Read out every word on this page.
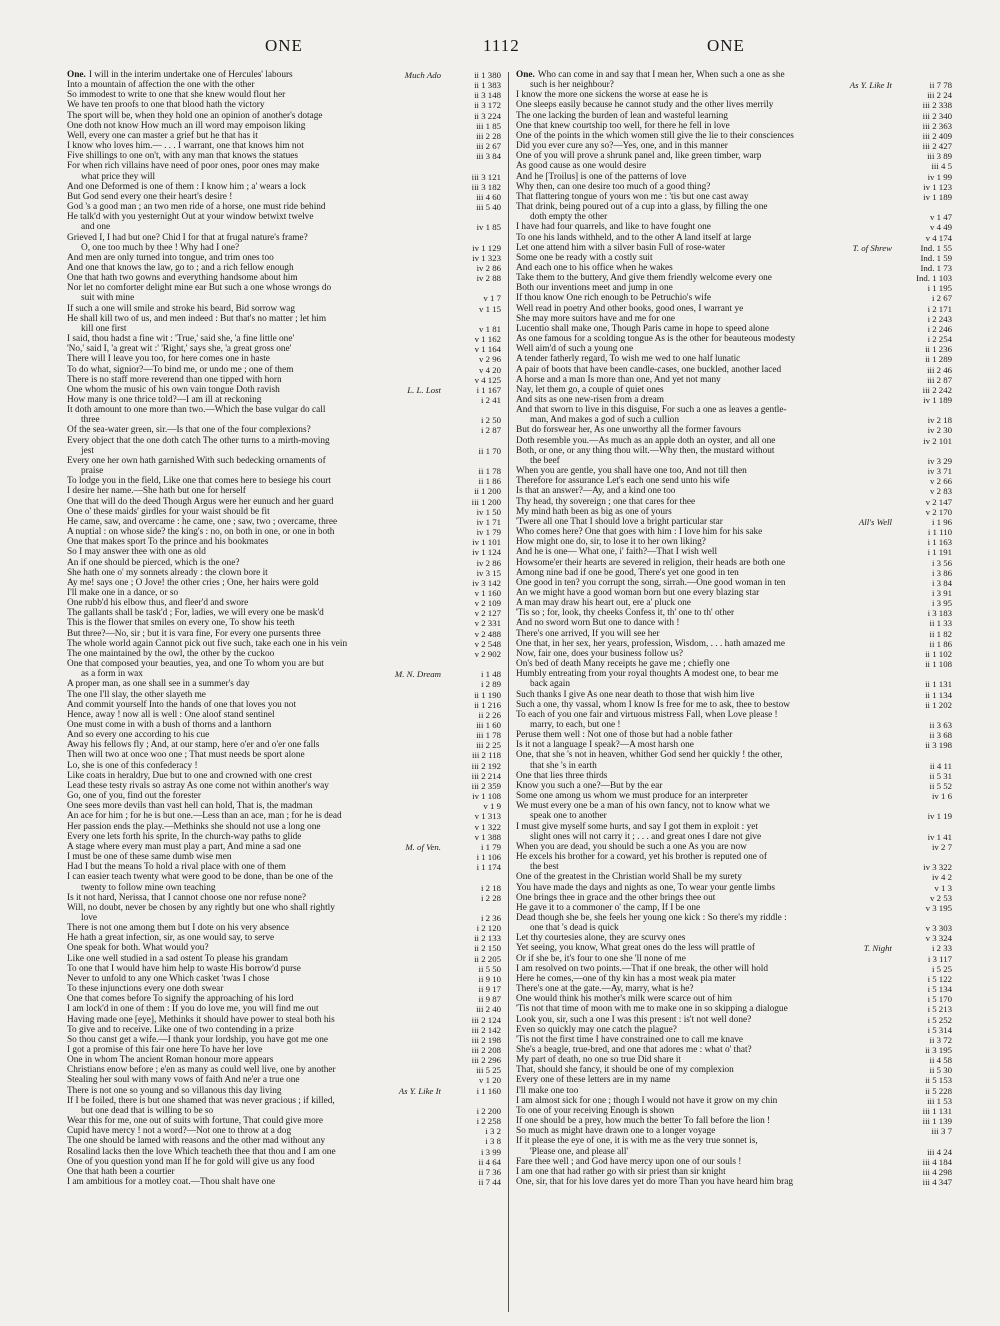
ONE	1112	ONE
One. I will in the interim undertake one of Hercules' labours	Much Ado	ii 1 380
Into a mountain of affection the one with the other	ii 1 383
So immodest to write to one that she knew would flout her	ii 3 148
We have ten proofs to one that blood hath the victory	ii 3 172
The sport will be, when they hold one an opinion of another's dotage	ii 3 224
One doth not know How much an ill word may empoison liking	iii 1 85
Well, every one can master a grief but he that has it	iii 2 28
I know who loves him.— . . . I warrant, one that knows him not	iii 2 67
Five shillings to one on't, with any man that knows the statues	iii 3 84
For when rich villains have need of poor ones, poor ones may make
what price they will	iii 3 121
And one Deformed is one of them : I know him ; a' wears a lock	iii 3 182
But God send every one their heart's desire !	iii 4 60
God 's a good man ; an two men ride of a horse, one must ride behind	iii 5 40
He talk'd with you yesternight Out at your window betwixt twelve
and one	iv 1 85
Grieved I, I had but one? Chid I for that at frugal nature's frame?
O, one too much by thee ! Why had I one?	iv 1 129
And men are only turned into tongue, and trim ones too	iv 1 323
And one that knows the law, go to ; and a rich fellow enough	iv 2 86
One that hath two gowns and everything handsome about him	iv 2 88
Nor let no comforter delight mine ear But such a one whose wrongs do
suit with mine	v 1 7
If such a one will smile and stroke his beard, Bid sorrow wag	v 1 15
He shall kill two of us, and men indeed : But that's no matter ; let him
kill one first	v 1 81
I said, thou hadst a fine wit : 'True,' said she, 'a fine little one'	v 1 162
'No,' said I, 'a great wit :' 'Right,' says she, 'a great gross one'	v 1 164
There will I leave you too, for here comes one in haste	v 2 96
To do what, signior?—To bind me, or undo me ; one of them	v 4 20
There is no staff more reverend than one tipped with horn	v 4 125
One whom the music of his own vain tongue Doth ravish	L. L. Lost	i 1 167
How many is one thrice told?—I am ill at reckoning	i 2 41
It doth amount to one more than two.—Which the base vulgar do call
three	i 2 50
Of the sea-water green, sir.—Is that one of the four complexions?	i 2 87
Every object that the one doth catch The other turns to a mirth-moving
jest	ii 1 70
Every one her own hath garnished With such bedecking ornaments of
praise	ii 1 78
To lodge you in the field, Like one that comes here to besiege his court	ii 1 86
I desire her name.—She hath but one for herself	ii 1 200
One that will do the deed Though Argus were her eunuch and her guard	iii 1 200
One o' these maids' girdles for your waist should be fit	iv 1 50
He came, saw, and overcame : he came, one ; saw, two ; overcame, three	iv 1 71
A nuptial : on whose side? the king's : no, on both in one, or one in both	iv 1 79
One that makes sport To the prince and his bookmates	iv 1 101
So I may answer thee with one as old	iv 1 124
An if one should be pierced, which is the one?	iv 2 86
She hath one o' my sonnets already : the clown bore it	iv 3 15
Ay me! says one ; O Jove! the other cries ; One, her hairs were gold	iv 3 142
I'll make one in a dance, or so	v 1 160
One rubb'd his elbow thus, and fleer'd and swore	v 2 109
The gallants shall be task'd ; For, ladies, we will every one be mask'd	v 2 127
This is the flower that smiles on every one, To show his teeth	v 2 331
But three?—No, sir ; but it is vara fine, For every one pursents three	v 2 488
The whole world again Cannot pick out five such, take each one in his vein	v 2 548
The one maintained by the owl, the other by the cuckoo	v 2 902
One that composed your beauties, yea, and one To whom you are but
as a form in wax	M. N. Dream	i 1 48
A proper man, as one shall see in a summer's day	i 2 89
The one I'll slay, the other slayeth me	ii 1 190
And commit yourself Into the hands of one that loves you not	ii 1 216
Hence, away ! now all is well : One aloof stand sentinel	ii 2 26
One must come in with a bush of thorns and a lanthorn	iii 1 60
And so every one according to his cue	iii 1 78
Away his fellows fly ; And, at our stamp, here o'er and o'er one falls	iii 2 25
Then will two at once woo one ; That must needs be sport alone	iii 2 118
Lo, she is one of this confederacy !	iii 2 192
Like coats in heraldry, Due but to one and crowned with one crest	iii 2 214
Lead these testy rivals so astray As one come not within another's way	iii 2 359
Go, one of you, find out the forester	iv 1 108
One sees more devils than vast hell can hold, That is, the madman	v 1 9
An ace for him ; for he is but one.—Less than an ace, man ; for he is dead	v 1 313
Her passion ends the play.—Methinks she should not use a long one	v 1 322
Every one lets forth his sprite, In the church-way paths to glide	v 1 388
A stage where every man must play a part, And mine a sad one	M. of Ven.	i 1 79
I must be one of these same dumb wise men	i 1 106
Had I but the means To hold a rival place with one of them	i 1 174
I can easier teach twenty what were good to be done, than be one of the
twenty to follow mine own teaching	i 2 18
Is it not hard, Nerissa, that I cannot choose one nor refuse none?	i 2 28
Will, no doubt, never be chosen by any rightly but one who shall rightly
love	i 2 36
There is not one among them but I dote on his very absence	i 2 120
He hath a great infection, sir, as one would say, to serve	ii 2 133
One speak for both. What would you?	ii 2 150
Like one well studied in a sad ostent To please his grandam	ii 2 205
To one that I would have him help to waste His borrow'd purse	ii 5 50
Never to unfold to any one Which casket 'twas I chose	ii 9 10
To these injunctions every one doth swear	ii 9 17
One that comes before To signify the approaching of his lord	ii 9 87
I am lock'd in one of them : If you do love me, you will find me out	iii 2 40
Having made one [eye], Methinks it should have power to steal both his	iii 2 124
To give and to receive. Like one of two contending in a prize	iii 2 142
So thou canst get a wife.—I thank your lordship, you have got me one	iii 2 198
I got a promise of this fair one here To have her love	iii 2 208
One in whom The ancient Roman honour more appears	iii 2 296
Christians enow before ; e'en as many as could well live, one by another	iii 5 25
Stealing her soul with many vows of faith And ne'er a true one	v 1 20
There is not one so young and so villanous this day living	As Y. Like It	i 1 160
If I be foiled, there is but one shamed that was never gracious ; if killed,
but one dead that is willing to be so	i 2 200
Wear this for me, one out of suits with fortune, That could give more	i 2 258
Cupid have mercy ! not a word?—Not one to throw at a dog	i 3 2
The one should be lamed with reasons and the other mad without any	i 3 8
Rosalind lacks then the love Which teacheth thee that thou and I am one	i 3 99
One of you question yond man If he for gold will give us any food	ii 4 64
One that hath been a courtier	ii 7 36
I am ambitious for a motley coat.—Thou shalt have one	ii 7 44
One. Who can come in and say that I mean her, When such a one as she
such is her neighbour?	As Y. Like It	ii 7 78
I know the more one sickens the worse at ease he is	iii 2 24
One sleeps easily because he cannot study and the other lives merrily	iii 2 338
The one lacking the burden of lean and wasteful learning	iii 2 340
One that knew courtship too well, for there he fell in love	iii 2 363
One of the points in the which women still give the lie to their consciences	iii 2 409
Did you ever cure any so?—Yes, one, and in this manner	iii 2 427
One of you will prove a shrunk panel and, like green timber, warp	iii 3 89
As good cause as one would desire	iii 4 5
And he [Troilus] is one of the patterns of love	iv 1 99
Why then, can one desire too much of a good thing?	iv 1 123
That flattering tongue of yours won me : 'tis but one cast away	iv 1 189
That drink, being poured out of a cup into a glass, by filling the one
doth empty the other	v 1 47
I have had four quarrels, and like to have fought one	v 4 49
To one his lands withheld, and to the other A land itself at large	v 4 174
Let one attend him with a silver basin Full of rose-water	T. of Shrew	Ind. 1 55
Some one be ready with a costly suit	Ind. 1 59
And each one to his office when he wakes	Ind. 1 73
Take them to the buttery, And give them friendly welcome every one	Ind. 1 103
Both our inventions meet and jump in one	i 1 195
If thou know One rich enough to be Petruchio's wife	i 2 67
Well read in poetry And other books, good ones, I warrant ye	i 2 171
She may more suitors have and me for one	i 2 243
Lucentio shall make one, Though Paris came in hope to speed alone	i 2 246
As one famous for a scolding tongue As is the other for beauteous modesty	i 2 254
Well aim'd of such a young one	ii 1 236
A tender fatherly regard, To wish me wed to one half lunatic	ii 1 289
A pair of boots that have been candle-cases, one buckled, another laced	iii 2 46
A horse and a man Is more than one, And yet not many	iii 2 87
Nay, let them go, a couple of quiet ones	iii 2 242
And sits as one new-risen from a dream	iv 1 189
And that sworn to live in this disguise, For such a one as leaves a gentle-
man, And makes a god of such a cullion	iv 2 18
But do forswear her, As one unworthy all the former favours	iv 2 30
Doth resemble you.—As much as an apple doth an oyster, and all one	iv 2 101
Both, or one, or any thing thou wilt.—Why then, the mustard without
the beef	iv 3 29
When you are gentle, you shall have one too, And not till then	iv 3 71
Therefore for assurance Let's each one send unto his wife	v 2 66
Is that an answer?—Ay, and a kind one too	v 2 83
Thy head, thy sovereign ; one that cares for thee	v 2 147
My mind hath been as big as one of yours	v 2 170
'Twere all one That I should love a bright particular star	All's Well	i 1 96
Who comes here? One that goes with him : I love him for his sake	i 1 110
How might one do, sir, to lose it to her own liking?	i 1 163
And he is one— What one, i' faith?—That I wish well	i 1 191
Howsome'er their hearts are severed in religion, their heads are both one	i 3 56
Among nine bad if one be good, There's yet one good in ten	i 3 86
One good in ten? you corrupt the song, sirrah.—One good woman in ten	i 3 84
An we might have a good woman born but one every blazing star	i 3 91
A man may draw his heart out, ere a' pluck one	i 3 95
'Tis so ; for, look, thy cheeks Confess it, th' one to th' other	i 3 183
And no sword worn But one to dance with !	ii 1 33
There's one arrived, If you will see her	ii 1 82
One that, in her sex, her years, profession, Wisdom, . . . hath amazed me	ii 1 86
Now, fair one, does your business follow us?	ii 1 102
On's bed of death Many receipts he gave me ; chiefly one	ii 1 108
Humbly entreating from your royal thoughts A modest one, to bear me
back again	ii 1 131
Such thanks I give As one near death to those that wish him live	ii 1 134
Such a one, thy vassal, whom I know Is free for me to ask, thee to bestow	ii 1 202
To each of you one fair and virtuous mistress Fall, when Love please !
marry, to each, but one !	ii 3 63
Peruse them well : Not one of those but had a noble father	ii 3 68
Is it not a language I speak?—A most harsh one	ii 3 198
One, that she 's not in heaven, whither God send her quickly ! the other,
that she 's in earth	ii 4 11
One that lies three thirds	ii 5 31
Know you such a one?—But by the ear	ii 5 52
Some one among us whom we must produce for an interpreter	iv 1 6
We must every one be a man of his own fancy, not to know what we
speak one to another	iv 1 19
I must give myself some hurts, and say I got them in exploit : yet
slight ones will not carry it ; . . . and great ones I dare not give	iv 1 41
When you are dead, you should be such a one As you are now	iv 2 7
He excels his brother for a coward, yet his brother is reputed one of
the best	iv 3 322
One of the greatest in the Christian world Shall be my surety	iv 4 2
You have made the days and nights as one, To wear your gentle limbs	v 1 3
One brings thee in grace and the other brings thee out	v 2 53
He gave it to a commoner o' the camp, If I be one	v 3 195
Dead though she be, she feels her young one kick : So there's my riddle :
one that 's dead is quick	v 3 303
Let thy courtesies alone, they are scurvy ones	v 3 324
Yet seeing, you know, What great ones do the less will prattle of	T. Night	i 2 33
Or if she be, it's four to one she 'll none of me	i 3 117
I am resolved on two points.—That if one break, the other will hold	i 5 25
Here he comes,—one of thy kin has a most weak pia mater	i 5 122
There's one at the gate.—Ay, marry, what is he?	i 5 134
One would think his mother's milk were scarce out of him	i 5 170
'Tis not that time of moon with me to make one in so skipping a dialogue	i 5 213
Look you, sir, such a one I was this present : is't not well done?	i 5 252
Even so quickly may one catch the plague?	i 5 314
'Tis not the first time I have constrained one to call me knave	ii 3 72
She's a beagle, true-bred, and one that adores me : what o' that?	ii 3 195
My part of death, no one so true Did share it	ii 4 58
That, should she fancy, it should be one of my complexion	ii 5 30
Every one of these letters are in my name	ii 5 153
I'll make one too	ii 5 228
I am almost sick for one ; though I would not have it grow on my chin	iii 1 53
To one of your receiving Enough is shown	iii 1 131
If one should be a prey, how much the better To fall before the lion !	iii 1 139
So much as might have drawn one to a longer voyage	iii 3 7
If it please the eye of one, it is with me as the very true sonnet is,
'Please one, and please all'	iii 4 24
Fare thee well ; and God have mercy upon one of our souls !	iii 4 184
I am one that had rather go with sir priest than sir knight	iii 4 298
One, sir, that for his love dares yet do more Than you have heard him brag	iii 4 347
